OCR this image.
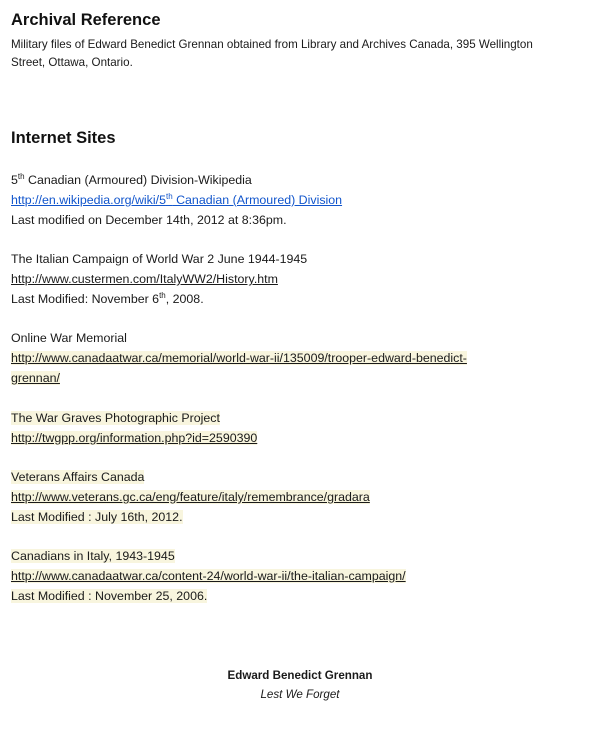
Archival Reference
Military files of Edward Benedict Grennan obtained from Library and Archives Canada, 395 Wellington
Street, Ottawa, Ontario.
Internet Sites
5th Canadian (Armoured) Division-Wikipedia
http://en.wikipedia.org/wiki/5th Canadian (Armoured) Division
Last modified on December 14th, 2012 at 8:36pm.
The Italian Campaign of World War 2 June 1944-1945
http://www.custermen.com/ItalyWW2/History.htm
Last Modified: November 6th, 2008.
Online War Memorial
http://www.canadaatwar.ca/memorial/world-war-ii/135009/trooper-edward-benedict-
grennan/
The War Graves Photographic Project
http://twgpp.org/information.php?id=2590390
Veterans Affairs Canada
http://www.veterans.gc.ca/eng/feature/italy/remembrance/gradara
Last Modified : July 16th, 2012.
Canadians in Italy, 1943-1945
http://www.canadaatwar.ca/content-24/world-war-ii/the-italian-campaign/
Last Modified : November 25, 2006.
Edward Benedict Grennan
Lest We Forget
